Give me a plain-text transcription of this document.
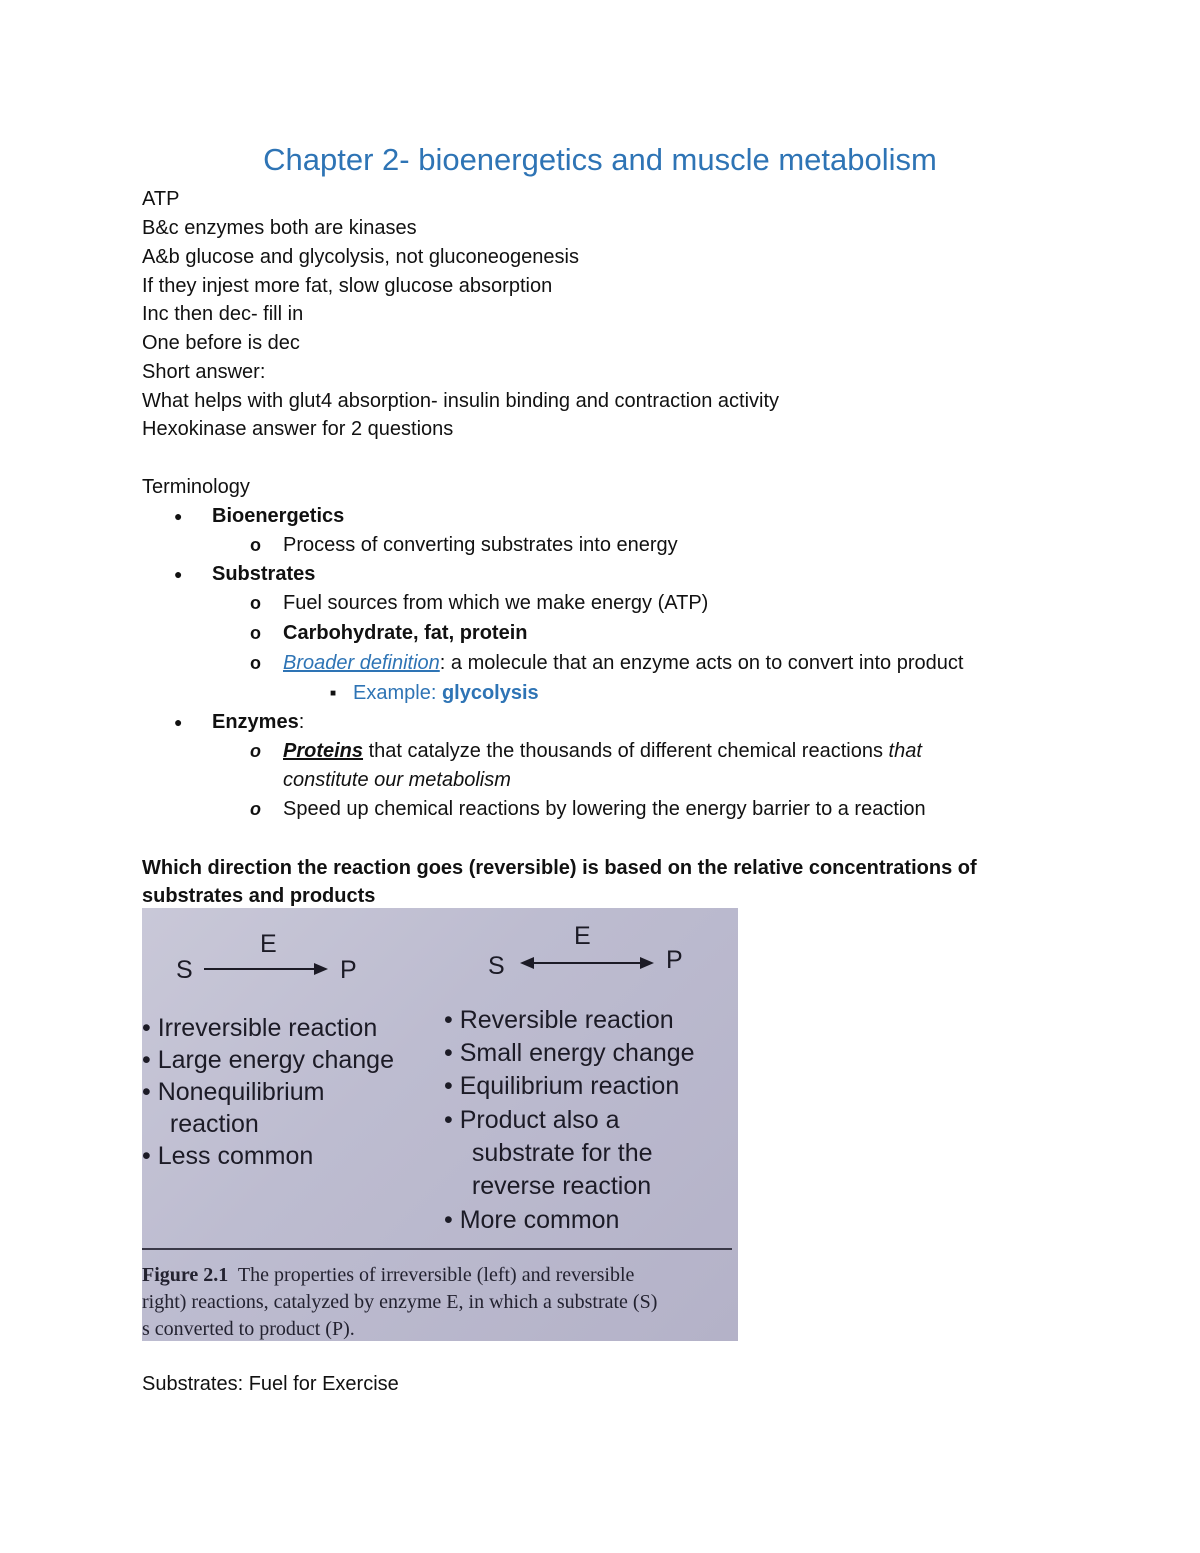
Chapter 2- bioenergetics and muscle metabolism

ATP

B&c enzymes both are kinases

A&b glucose and glycolysis, not gluconeogenesis

If they injest more fat, slow glucose absorption

Inc then dec- fill in

One before is dec

Short answer:

What helps with glut4 absorption- insulin binding and contraction activity

Hexokinase answer for 2 questions

Terminology

● Bioenergetics

o Process of converting substrates into energy

● Substrates

o Fuel sources from which we make energy (ATP)

o Carbohydrate, fat, protein

o Broader definition: a molecule that an enzyme acts on to convert into product

■ Example: glycolysis

● Enzymes:

o Proteins that catalyze the thousands of different chemical reactions that

constitute our metabolism

o Speed up chemical reactions by lowering the energy barrier to a reaction

Which direction the reaction goes (reversible) is based on the relative concentrations of

substrates and products

E
S	P
• Irreversible reaction
• Large energy change
• Nonequilibrium
reaction
• Less common
E
S	P
• Reversible reaction
• Small energy change
• Equilibrium reaction
• Product also a
substrate for the
reverse reaction
• More common
Figure 2.1  The properties of irreversible (left) and reversible
right) reactions, catalyzed by enzyme E, in which a substrate (S)
s converted to product (P).

Substrates: Fuel for Exercise
